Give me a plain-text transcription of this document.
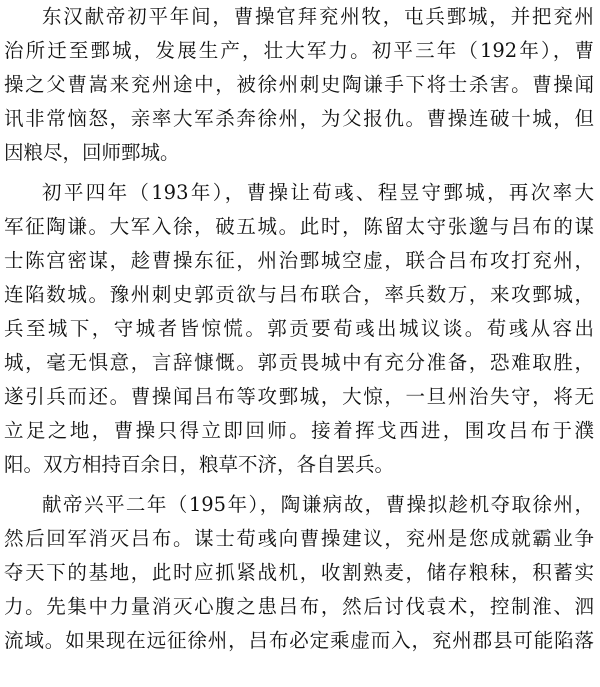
东汉献帝初平年间，曹操官拜兖州牧，屯兵鄄城，并把兖州
治所迁至鄄城，发展生产，壮大军力。初平三年（192年），曹
操之父曹嵩来兖州途中，被徐州刺史陶谦手下将士杀害。曹操闻
讯非常恼怒，亲率大军杀奔徐州，为父报仇。曹操连破十城，但
因粮尽，回师鄄城。
初平四年（193年），曹操让荀彧、程昱守鄄城，再次率大
军征陶谦。大军入徐，破五城。此时，陈留太守张邈与吕布的谋
士陈宫密谋，趁曹操东征，州治鄄城空虚，联合吕布攻打兖州，
连陷数城。豫州刺史郭贡欲与吕布联合，率兵数万，来攻鄄城，
兵至城下，守城者皆惊慌。郭贡要荀彧出城议谈。荀彧从容出
城，毫无惧意，言辞慷慨。郭贡畏城中有充分准备，恐难取胜，
遂引兵而还。曹操闻吕布等攻鄄城，大惊，一旦州治失守，将无
立足之地，曹操只得立即回师。接着挥戈西进，围攻吕布于濮
阳。双方相持百余日，粮草不济，各自罢兵。
献帝兴平二年（195年），陶谦病故，曹操拟趁机夺取徐州，
然后回军消灭吕布。谋士荀彧向曹操建议，兖州是您成就霸业争
夺天下的基地，此时应抓紧战机，收割熟麦，储存粮秣，积蓄实
力。先集中力量消灭心腹之患吕布，然后讨伐袁术，控制淮、泗
流域。如果现在远征徐州，吕布必定乘虚而入，兖州郡县可能陷落
